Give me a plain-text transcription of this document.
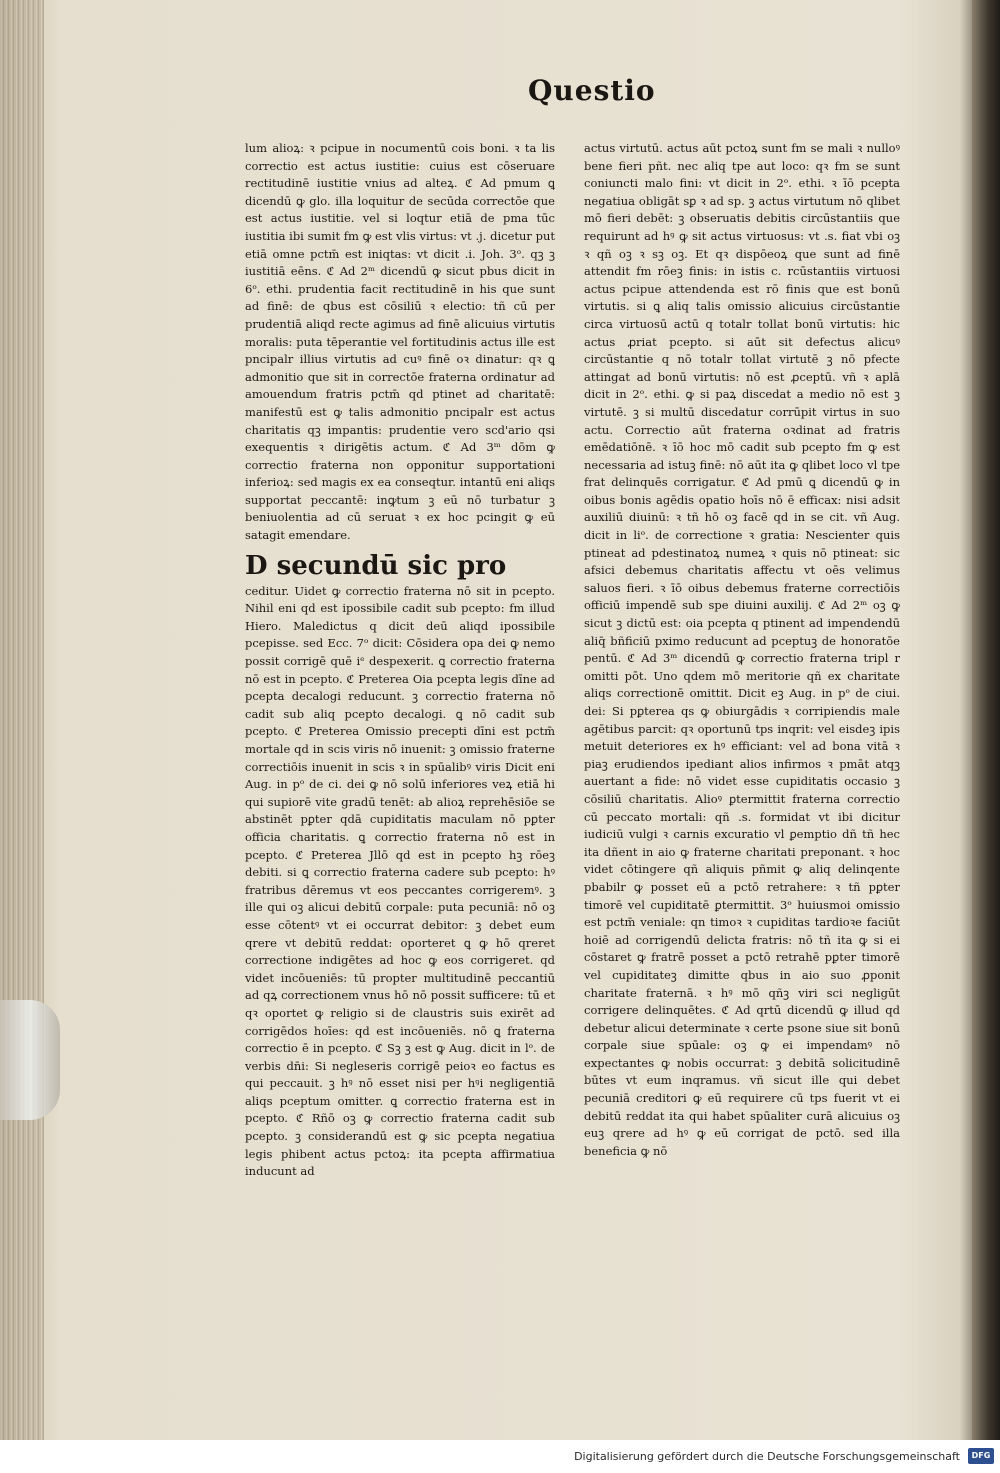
Questio

lum alioꝝ: ꝛ pcipue in nocumentū cois boni. ꝛ ta lis correctio est actus iustitie: cuius est cōseruare rectitudinē iustitie vnius ad alteꝝ. ℭ Ad pmum ꝗ dicendū ꝙ glo. illa loquitur de secūda correctōe que est actus iustitie. vel si loqtur etiā de pma tūc iustitia ibi sumit fm ꝙ est vlis virtus: vt .j. dicetur put etiā omne pctm̄ est iniqtas: vt dicit .i. Joh. 3ᵒ. qꝫ ꝫ iustitiā eēns. ℭ Ad 2ᵐ dicendū ꝙ sicut pbus dicit in 6ᵒ. ethi. prudentia facit rectitudinē in his que sunt ad finē: de qbus est cōsiliū ꝛ electio: tñ cū per prudentiā aliqd recte agimus ad finē alicuius virtutis moralis: puta tēperantie vel fortitudinis actus ille est pncipalr illius virtutis ad cuꝰ finē oꝛ dinatur: qꝛ ꝗ admonitio que sit in correctōe fraterna ordinatur ad amouendum fratris pctm̄ qd ptinet ad charitatē: manifestū est ꝙ talis admonitio pncipalr est actus charitatis qꝫ impantis: prudentie vero scd'ario qsi exequentis ꝛ dirigētis actum. ℭ Ad 3ᵐ dōm ꝙ correctio fraterna non opponitur supportationi inferioꝝ: sed magis ex ea conseqtur. intantū eni aliqs supportat peccantē: inꝙtum ꝫ eū nō turbatur ꝫ beniuolentia ad cū seruat ꝛ ex hoc pcingit ꝙ eū satagit emendare.

D secundū sic pro

ceditur. Uidet ꝙ correctio fraterna nō sit in pcepto. Nihil eni qd est ipossibile cadit sub pcepto: fm illud Hiero. Maledictus q dicit deū aliqd ipossibile pcepisse. sed Ecc. 7ᵒ dicit: Cōsidera opa dei ꝙ nemo possit corrigē quē iᵉ despexerit. ꝗ correctio fraterna nō est in pcepto. ℭ Preterea Oia pcepta legis dīne ad pcepta decalogi reducunt. ꝫ correctio fraterna nō cadit sub aliq pcepto decalogi. ꝗ nō cadit sub pcepto. ℭ Preterea Omissio precepti dīni est pctm̄ mortale qd in scis viris nō inuenit: ꝫ omissio fraterne correctiōis inuenit in scis ꝛ in spūalibꝰ viris Dicit eni Aug. in pᵒ de ci. dei ꝙ nō solū inferiores veꝝ etiā hi qui supiorē vite gradū tenēt: ab alioꝝ reprehēsiōe se abstinēt pꝑter qdā cupiditatis maculam nō pꝑter officia charitatis. ꝗ correctio fraterna nō est in pcepto. ℭ Preterea Jllō qd est in pcepto hꝫ rōeꝫ debiti. si ꝗ correctio fraterna cadere sub pcepto: hꝰ fratribus dēremus vt eos peccantes corrigeremꝰ. ꝫ ille qui oꝫ alicui debitū corpale: puta pecuniā: nō oꝫ esse cōtentꝰ vt ei occurrat debitor: ꝫ debet eum qrere vt debitū reddat: oporteret ꝗ ꝙ hō qreret correctione indigētes ad hoc ꝙ eos corrigeret. qd videt incōueniēs: tū propter multitudinē peccantiū ad qꝝ correctionem vnus hō nō possit sufficere: tū et qꝛ oportet ꝙ religio si de claustris suis exirēt ad corrigēdos hoīes: qd est incōueniēs. nō ꝗ fraterna correctio ē in pcepto. ℭ Sꝫ ꝫ est ꝙ Aug. dicit in lᵒ. de verbis dn̄i: Si negleseris corrigē peioꝛ eo factus es qui peccauit. ꝫ hꝰ nō esset nisi per hꝰi negligentiā aliqs pceptum omitter. ꝗ correctio fraterna est in pcepto. ℭ Rñō oꝫ ꝙ correctio fraterna cadit sub pcepto. ꝫ considerandū est ꝙ sic pcepta negatiua legis phibent actus pctoꝝ: ita pcepta affirmatiua inducunt ad

actus virtutū. actus aūt pctoꝝ sunt fm se mali ꝛ nulloꝰ bene fieri pñt. nec aliq tpe aut loco: qꝛ fm se sunt coniuncti malo fini: vt dicit in 2ᵒ. ethi. ꝛ īō pcepta negatiua obligāt sꝑ ꝛ ad sp. ꝫ actus virtutum nō qlibet mō fieri debēt: ꝫ obseruatis debitis circūstantiis que requirunt ad hꝰ ꝙ sit actus virtuosus: vt .s. fiat vbi oꝫ ꝛ qñ oꝫ ꝛ sꝫ oꝫ. Et qꝛ dispōeoꝝ que sunt ad finē attendit fm rōeꝫ finis: in istis c. rcūstantiis virtuosi actus pcipue attendenda est rō finis que est bonū virtutis. si ꝗ aliq talis omissio alicuius circūstantie circa virtuosū actū q totalr tollat bonū virtutis: hic actus ꝓriat pcepto. si aūt sit defectus alicuꝰ circūstantie q nō totalr tollat virtutē ꝫ nō pfecte attingat ad bonū virtutis: nō est ꝓceptū. vñ ꝛ aplā dicit in 2ᵒ. ethi. ꝙ si paꝝ discedat a medio nō est ꝫ virtutē. ꝫ si multū discedatur corrūpit virtus in suo actu. Correctio aūt fraterna oꝛdinat ad fratris emēdatiōnē. ꝛ īō hoc mō cadit sub pcepto fm ꝙ est necessaria ad istuꝫ finē: nō aūt ita ꝙ qlibet loco vl tpe frat delinquēs corrigatur. ℭ Ad pmū ꝗ dicendū ꝙ in oibus bonis agēdis opatio hoīs nō ē efficax: nisi adsit auxiliū diuinū: ꝛ tñ hō oꝫ facē qd in se cit. vñ Aug. dicit in liᵒ. de correctione ꝛ gratia: Nescienter quis ptineat ad pdestinatoꝝ numeꝝ ꝛ quis nō ptineat: sic afsici debemus charitatis affectu vt oēs velimus saluos fieri. ꝛ īō oibus debemus fraterne correctiōis officiū impendē sub spe diuini auxilij. ℭ Ad 2ᵐ oꝫ ꝙ sicut ꝫ dictū est: oia pcepta q ptinent ad impendendū aliq̄ bñficiū pximo reducunt ad pceptuꝫ de honoratōe pentū. ℭ Ad 3ᵐ dicendū ꝙ correctio fraterna tripl r omitti pōt. Uno qdem mō meritorie qñ ex charitate aliqs correctionē omittit. Dicit eꝫ Aug. in pᵒ de ciui. dei: Si pꝑterea qs ꝙ obiurgādis ꝛ corripiendis male agētibus parcit: qꝛ oportunū tps inqrit: vel eisdeꝫ ipis metuit deteriores ex hꝰ efficiant: vel ad bona vitā ꝛ piaꝫ erudiendos ipediant alios infirmos ꝛ pmāt atqꝫ auertant a fide: nō videt esse cupiditatis occasio ꝫ cōsiliū charitatis. Alioꝰ ꝑtermittit fraterna correctio cū peccato mortali: qñ .s. formidat vt ibi dicitur iudiciū vulgi ꝛ carnis excuratio vl ꝑemptio dñ tñ hec ita dñent in aio ꝙ fraterne charitati preponant. ꝛ hoc videt cōtingere qñ aliquis pñmit ꝙ aliq delinqente pbabilr ꝙ posset eū a pctō retrahere: ꝛ tñ pꝑter timorē vel cupiditatē ꝑtermittit. 3ᵒ huiusmoi omissio est pctm̄ veniale: qn timoꝛ ꝛ cupiditas tardioꝛe faciūt hoiē ad corrigendū delicta fratris: nō tñ ita ꝙ si ei cōstaret ꝙ fratrē posset a pctō retrahē pꝑter timorē vel cupiditateꝫ dimitte qbus in aio suo ꝓponit charitate fraternā. ꝛ hꝰ mō qñꝫ viri sci negligūt corrigere delinquētes. ℭ Ad qrtū dicendū ꝙ illud qd debetur alicui determinate ꝛ certe psone siue sit bonū corpale siue spūale: oꝫ ꝙ ei impendamꝰ nō expectantes ꝙ nobis occurrat: ꝫ debitā solicitudinē būtes vt eum inqramus. vñ sicut ille qui debet pecuniā creditori ꝙ eū requirere cū tps fuerit vt ei debitū reddat ita qui habet spūaliter curā alicuius oꝫ euꝫ qrere ad hꝰ ꝙ eū corrigat de pctō. sed illa beneficia ꝙ nō

Digitalisierung gefördert durch die Deutsche Forschungsgemeinschaft	DFG
